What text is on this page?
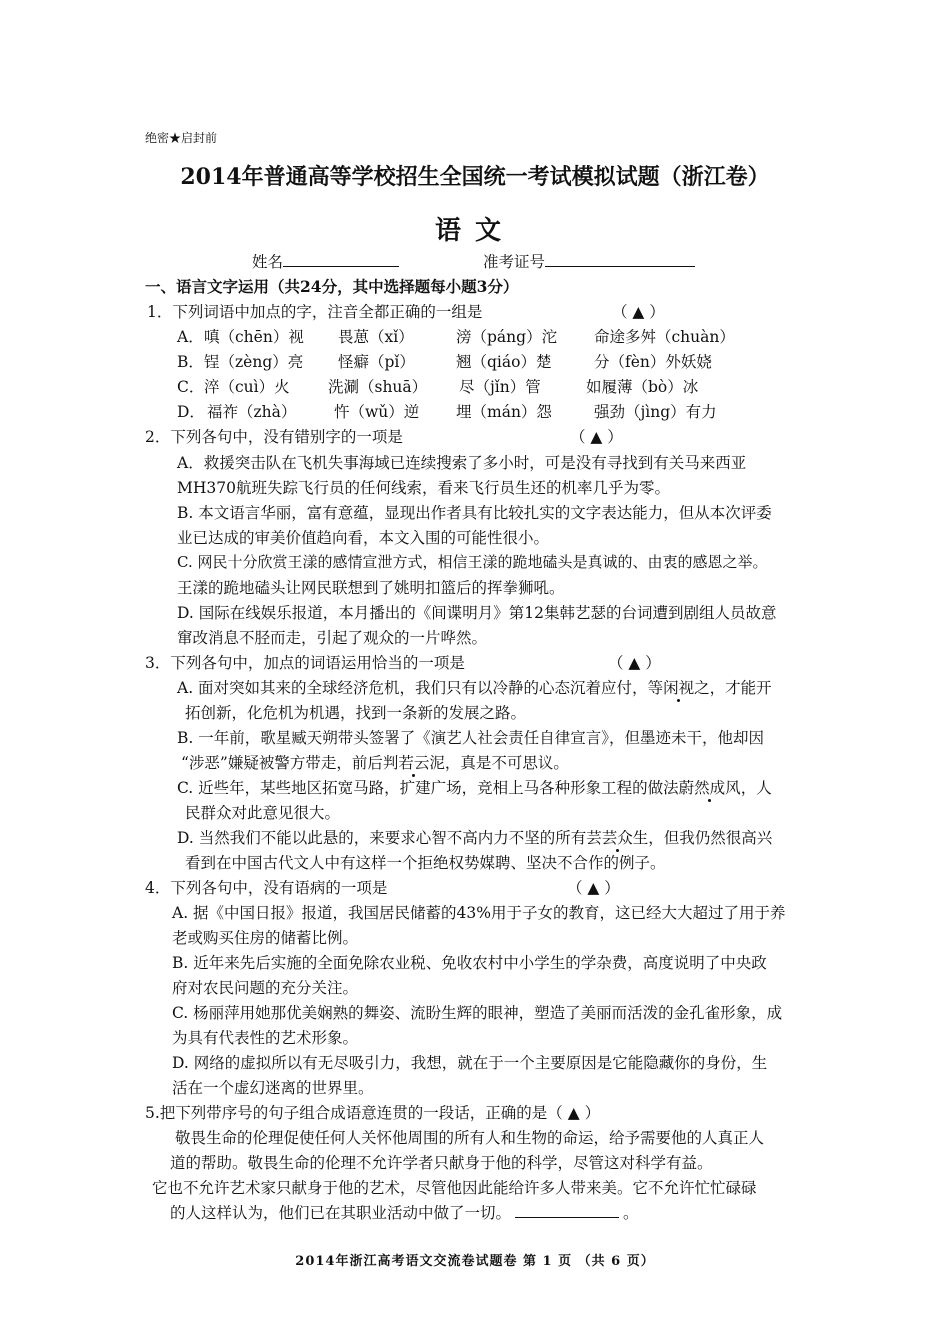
绝密★启封前
2014年普通高等学校招生全国统一考试模拟试题（浙江卷）
语文
姓名	准考证号
一、语言文字运用（共24分，其中选择题每小题3分）
1．下列词语中加点的字，注音全都正确的一组是	（ ▲ ）
A． 嗔（chēn）视 畏葸（xǐ）	滂（páng）沱 命途多舛（chuàn）
B． 锃（zèng）亮 怪癖（pǐ）	翘（qiáo）楚	分（fèn）外妖娆
C． 淬（cuì）火 洗涮（shuā） 尽（jǐn）管	如履薄（bò）冰
D． 福祚（zhà） 忤（wǔ）逆 埋（mán）怨	强劲（jìng）有力
2．下列各句中，没有错别字的一项是	（ ▲ ）
A．救援突击队在飞机失事海域已连续搜索了多小时，可是没有寻找到有关马来西亚
MH370航班失踪飞行员的任何线索，看来飞行员生还的机率几乎为零。
B. 本文语言华丽，富有意蕴，显现出作者具有比较扎实的文字表达能力，但从本次评委
业已达成的审美价值趋向看，本文入围的可能性很小。
C. 网民十分欣赏王漾的感情宣泄方式，相信王漾的跪地磕头是真诚的、由衷的感恩之举。
王漾的跪地磕头让网民联想到了姚明扣篮后的挥拳狮吼。
D. 国际在线娱乐报道，本月播出的《间谍明月》第12集韩艺瑟的台词遭到剧组人员故意
窜改消息不胫而走，引起了观众的一片哗然。
3．下列各句中，加点的词语运用恰当的一项是	（ ▲ ）
A. 面对突如其来的全球经济危机，我们只有以冷静的心态沉着应付，等闲视之，才能开
拓创新，化危机为机遇，找到一条新的发展之路。
B. 一年前，歌星臧天朔带头签署了《演艺人社会责任自律宣言》，但墨迹未干，他却因
“涉恶”嫌疑被警方带走，前后判若云泥，真是不可思议。
C. 近些年，某些地区拓宽马路，扩建广场，竞相上马各种形象工程的做法蔚然成风，人
民群众对此意见很大。
D. 当然我们不能以此悬的，来要求心智不高内力不坚的所有芸芸众生，但我仍然很高兴
看到在中国古代文人中有这样一个拒绝权势媒聘、坚决不合作的例子。
4．下列各句中，没有语病的一项是	（ ▲ ）
A. 据《中国日报》报道，我国居民储蓄的43%用于子女的教育，这已经大大超过了用于养
老或购买住房的储蓄比例。
B. 近年来先后实施的全面免除农业税、免收农村中小学生的学杂费，高度说明了中央政
府对农民问题的充分关注。
C. 杨丽萍用她那优美娴熟的舞姿、流盼生辉的眼神，塑造了美丽而活泼的金孔雀形象，成
为具有代表性的艺术形象。
D. 网络的虚拟所以有无尽吸引力，我想，就在于一个主要原因是它能隐藏你的身份，生
活在一个虚幻迷离的世界里。
5.把下列带序号的句子组合成语意连贯的一段话，正确的是（ ▲ ）
敬畏生命的伦理促使任何人关怀他周围的所有人和生物的命运，给予需要他的人真正人
道的帮助。敬畏生命的伦理不允许学者只献身于他的科学，尽管这对科学有益。
它也不允许艺术家只献身于他的艺术，尽管他因此能给许多人带来美。它不允许忙忙碌碌
的人这样认为，他们已在其职业活动中做了一切。	。
2014年浙江高考语文交流卷试题卷 第 1 页 （共 6 页）
